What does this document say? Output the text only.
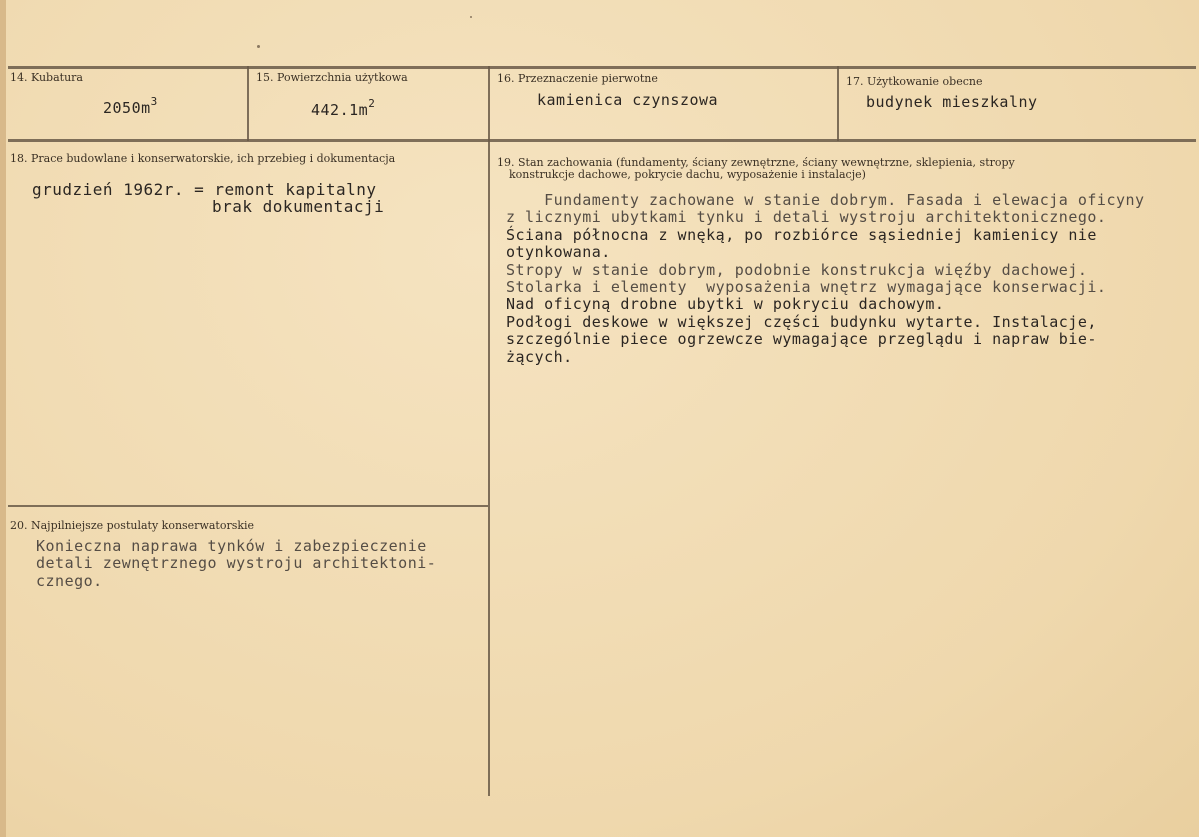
14. Kubatura
$2050m^3$
15. Powierzchnia użytkowa
$442.1m^2$
16. Przeznaczenie pierwotne
kamienica czynszowa
17. Użytkowanie obecne
budynek mieszkalny
18. Prace budowlane i konserwatorskie, ich przebieg i dokumentacja
grudzień 1962r. = remont kapitalny
brak dokumentacji
19. Stan zachowania (fundamenty, ściany zewnętrzne, ściany wewnętrzne, sklepienia, stropy
konstrukcje dachowe, pokrycie dachu, wyposażenie i instalacje)
Fundamenty zachowane w stanie dobrym. Fasada i elewacja oficyny
z licznymi ubytkami tynku i detali wystroju architektonicznego.
Ściana północna z wnęką, po rozbiórce sąsiedniej kamienicy nie
otynkowana.
Stropy w stanie dobrym, podobnie konstrukcja więźby dachowej.
Stolarka i elementy  wyposażenia wnętrz wymagające konserwacji.
Nad oficyną drobne ubytki w pokryciu dachowym.
Podłogi deskowe w większej części budynku wytarte. Instalacje,
szczególnie piece ogrzewcze wymagające przeglądu i napraw bie-
żących.
20. Najpilniejsze postulaty konserwatorskie
Konieczna naprawa tynków i zabezpieczenie
detali zewnętrznego wystroju architektoni-
cznego.
